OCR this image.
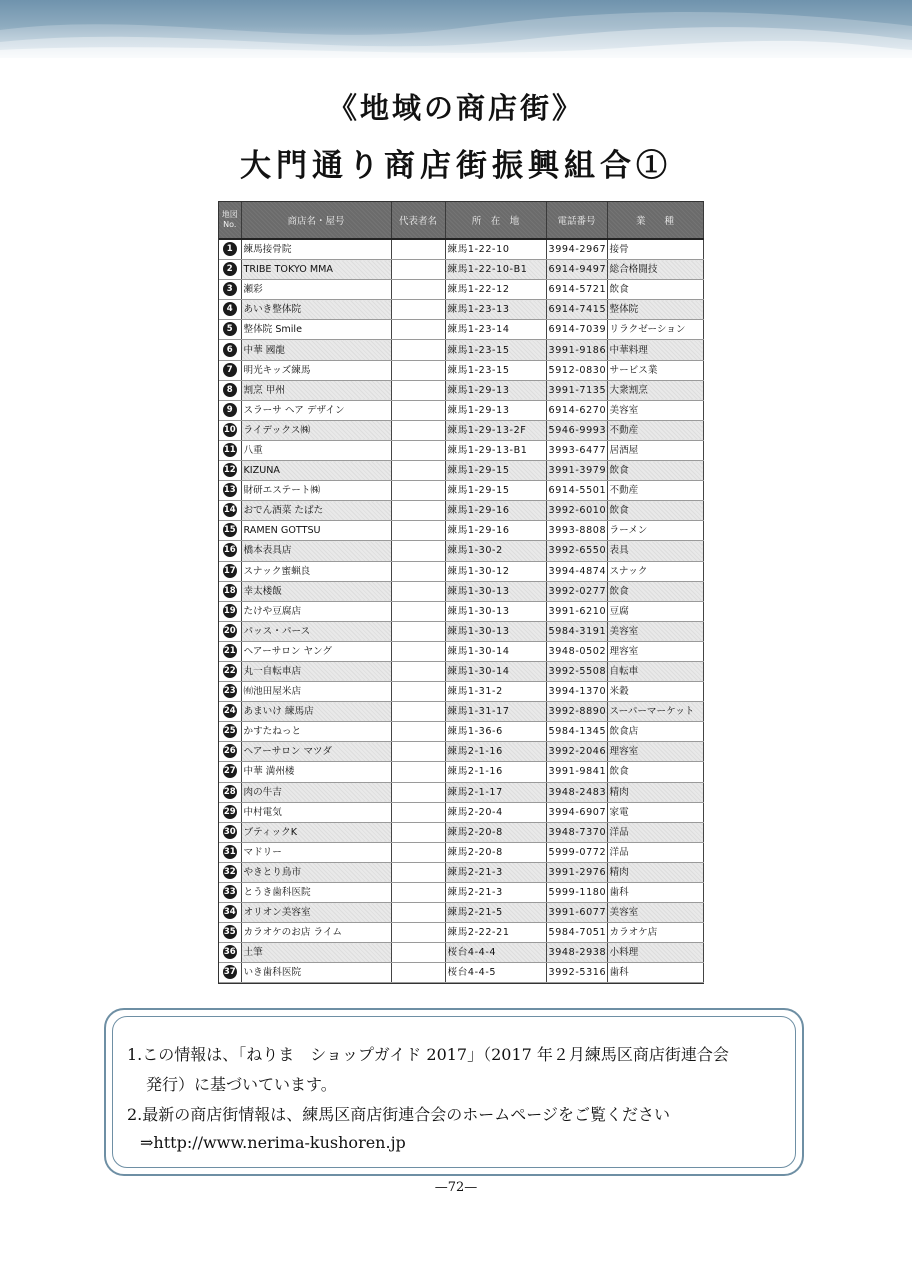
《地域の商店街》
大門通り商店街振興組合①
地図
No.	商店名・屋号	代表者名	所　在　地	電話番号	業　　種
1	練馬接骨院		練馬1-22-10	3994-2967	接骨
2	TRIBE TOKYO MMA		練馬1-22-10-B1	6914-9497	総合格闘技
3	瀬彩		練馬1-22-12	6914-5721	飲食
4	あいき整体院		練馬1-23-13	6914-7415	整体院
5	整体院 Smile		練馬1-23-14	6914-7039	リラクゼーション
6	中華 國龍		練馬1-23-15	3991-9186	中華料理
7	明光キッズ練馬		練馬1-23-15	5912-0830	サービス業
8	割烹 甲州		練馬1-29-13	3991-7135	大衆割烹
9	スラーサ ヘア デザイン		練馬1-29-13	6914-6270	美容室
10	ライデックス㈱		練馬1-29-13-2F	5946-9993	不動産
11	八重		練馬1-29-13-B1	3993-6477	居酒屋
12	KIZUNA		練馬1-29-15	3991-3979	飲食
13	財研エステート㈱		練馬1-29-15	6914-5501	不動産
14	おでん酒菜 たばた		練馬1-29-16	3992-6010	飲食
15	RAMEN GOTTSU		練馬1-29-16	3993-8808	ラーメン
16	橋本表具店		練馬1-30-2	3992-6550	表具
17	スナック蜜蝋良		練馬1-30-12	3994-4874	スナック
18	幸太楼飯		練馬1-30-13	3992-0277	飲食
19	たけや豆腐店		練馬1-30-13	3991-6210	豆腐
20	パッス・パース		練馬1-30-13	5984-3191	美容室
21	ヘアーサロン ヤング		練馬1-30-14	3948-0502	理容室
22	丸一自転車店		練馬1-30-14	3992-5508	自転車
23	㈲池田屋米店		練馬1-31-2	3994-1370	米穀
24	あまいけ 練馬店		練馬1-31-17	3992-8890	スーパーマーケット
25	かすたねっと		練馬1-36-6	5984-1345	飲食店
26	ヘアーサロン マツダ		練馬2-1-16	3992-2046	理容室
27	中華 満州楼		練馬2-1-16	3991-9841	飲食
28	肉の牛吉		練馬2-1-17	3948-2483	精肉
29	中村電気		練馬2-20-4	3994-6907	家電
30	ブティックK		練馬2-20-8	3948-7370	洋品
31	マドリー		練馬2-20-8	5999-0772	洋品
32	やきとり鳥市		練馬2-21-3	3991-2976	精肉
33	とうき歯科医院		練馬2-21-3	5999-1180	歯科
34	オリオン美容室		練馬2-21-5	3991-6077	美容室
35	カラオケのお店 ライム		練馬2-22-21	5984-7051	カラオケ店
36	土筆		桜台4-4-4	3948-2938	小料理
37	いき歯科医院		桜台4-4-5	3992-5316	歯科
1.この情報は、「ねりま　ショップガイド 2017」（2017 年２月練馬区商店街連合会
発行）に基づいています。
2.最新の商店街情報は、練馬区商店街連合会のホームページをご覧ください
⇒http://www.nerima-kushoren.jp
—72—
